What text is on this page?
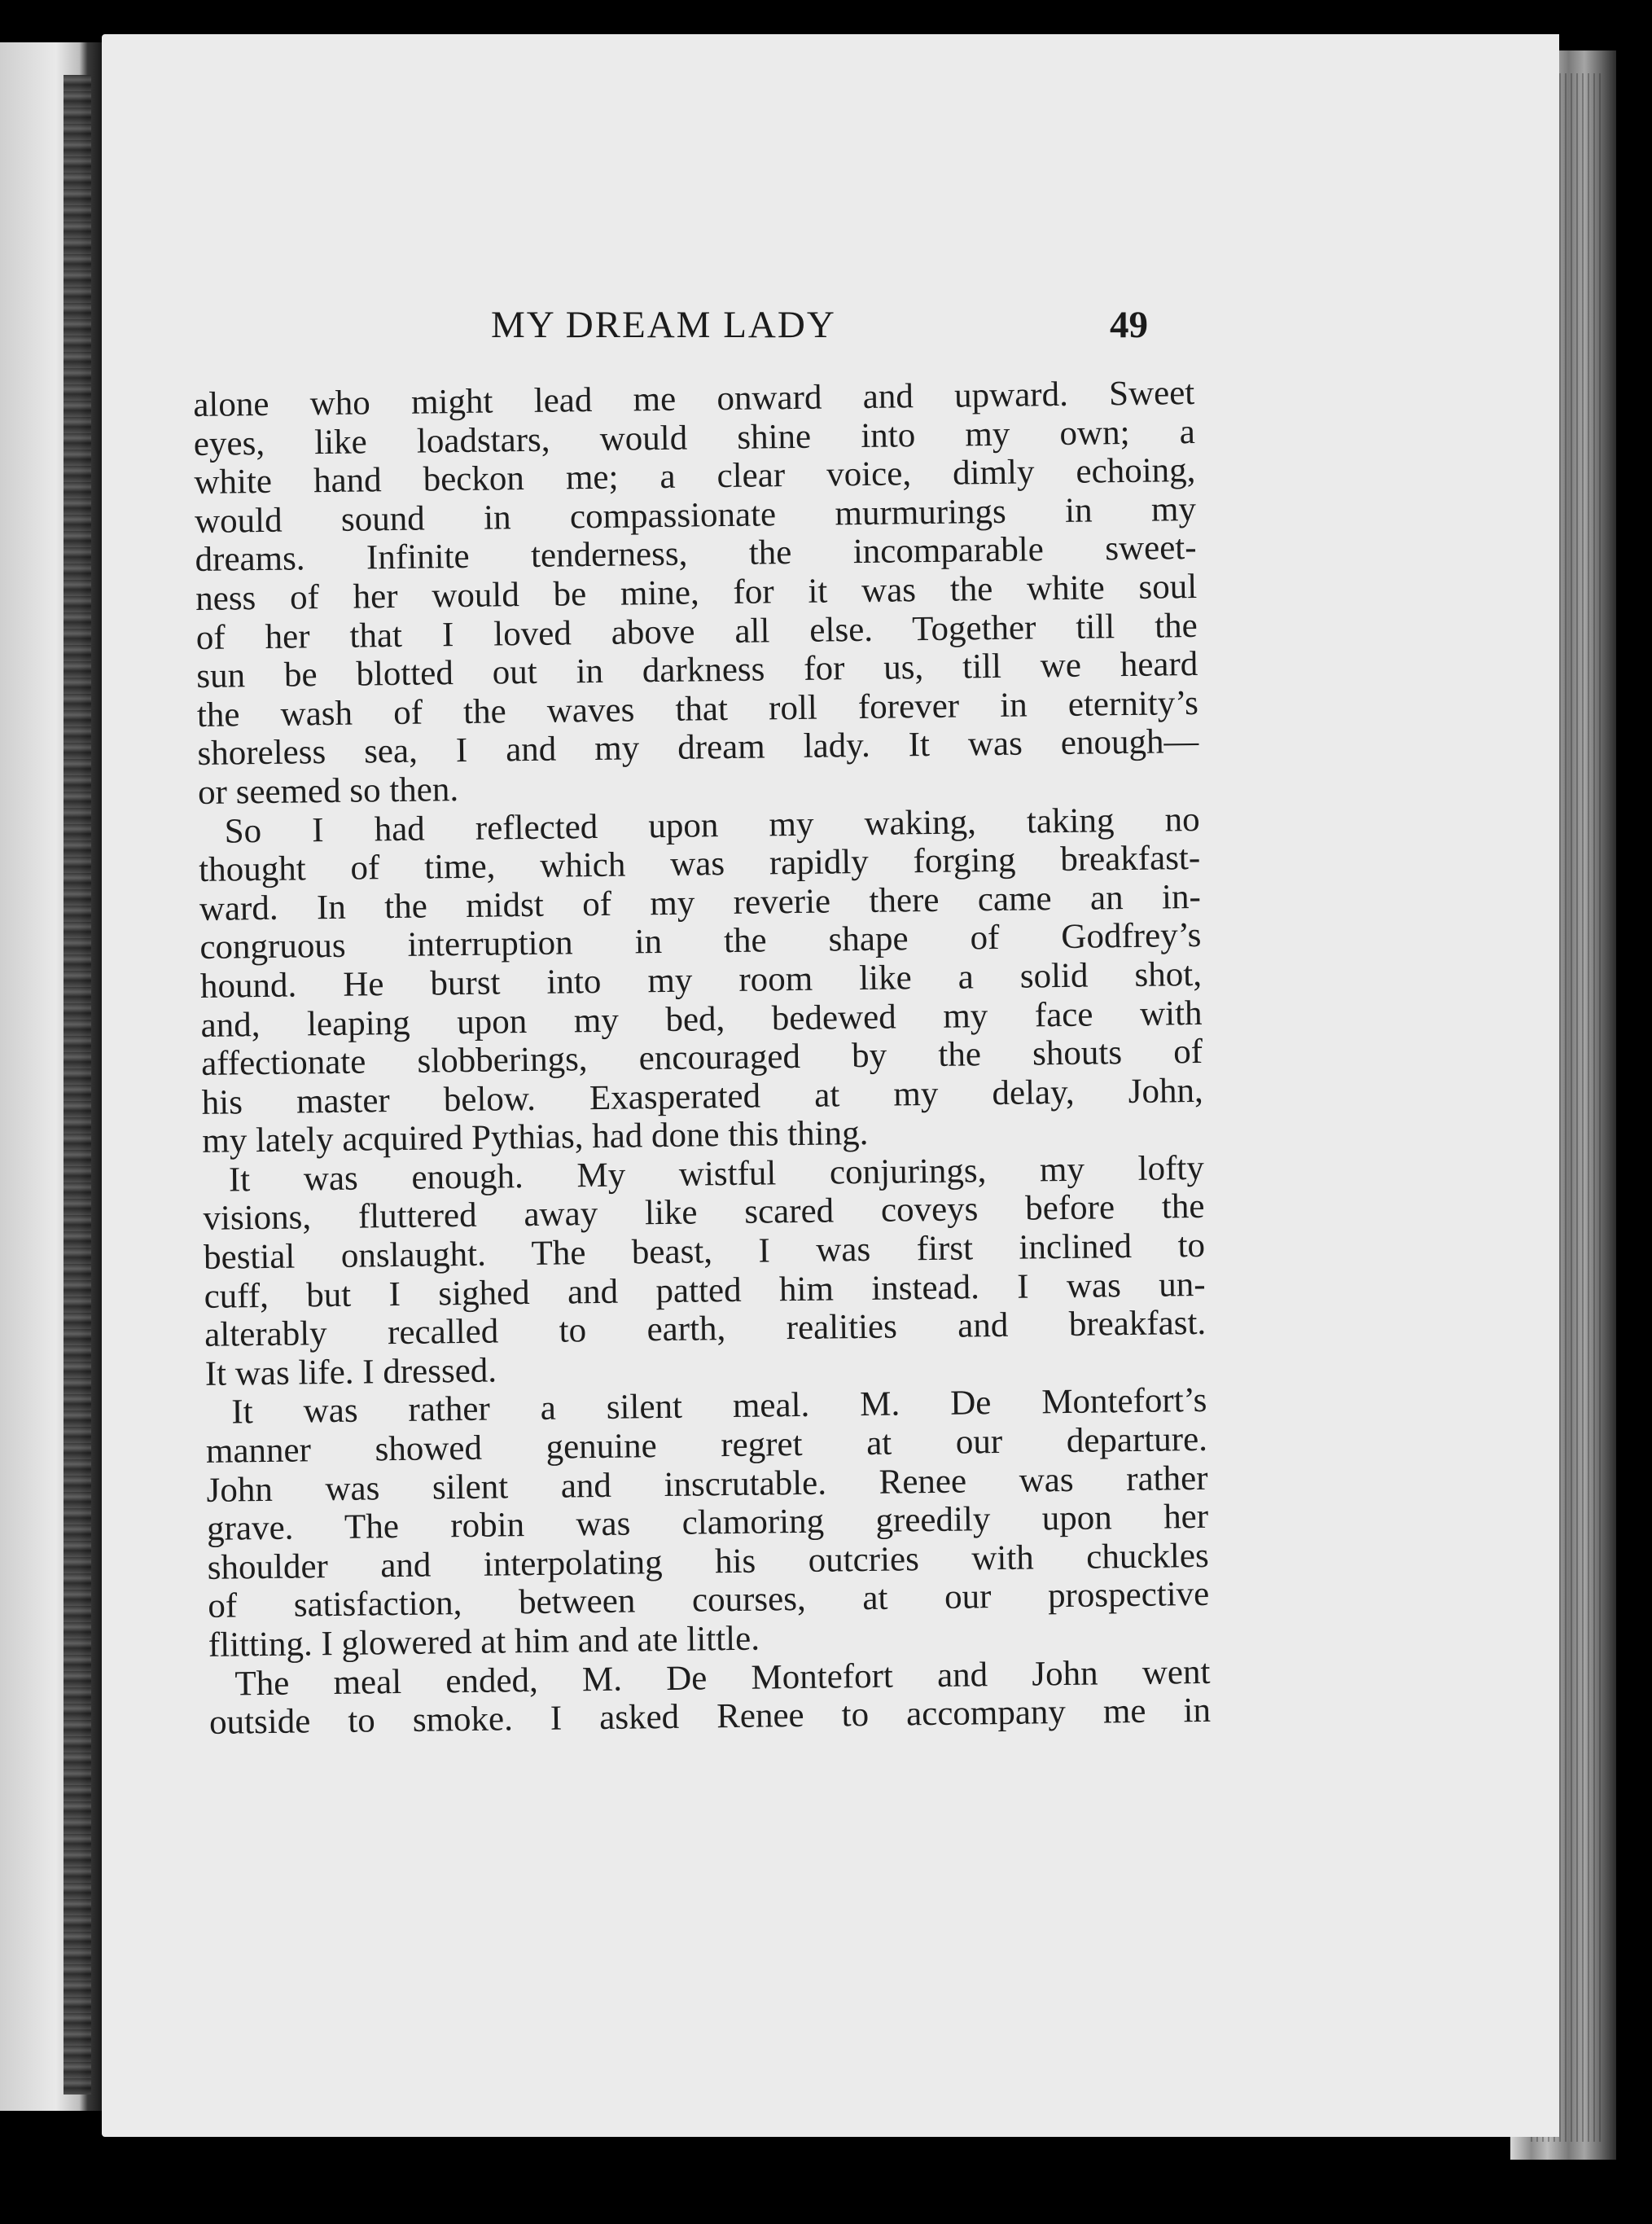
MY DREAM LADY	49
alone who might lead me onward and upward. Sweet
eyes, like loadstars, would shine into my own; a
white hand beckon me; a clear voice, dimly echoing,
would sound in compassionate murmurings in my
dreams. Infinite tenderness, the incomparable sweet-
ness of her would be mine, for it was the white soul
of her that I loved above all else. Together till the
sun be blotted out in darkness for us, till we heard
the wash of the waves that roll forever in eternity’s
shoreless sea, I and my dream lady. It was enough—
or seemed so then.
So I had reflected upon my waking, taking no
thought of time, which was rapidly forging breakfast-
ward. In the midst of my reverie there came an in-
congruous interruption in the shape of Godfrey’s
hound. He burst into my room like a solid shot,
and, leaping upon my bed, bedewed my face with
affectionate slobberings, encouraged by the shouts of
his master below. Exasperated at my delay, John,
my lately acquired Pythias, had done this thing.
It was enough. My wistful conjurings, my lofty
visions, fluttered away like scared coveys before the
bestial onslaught. The beast, I was first inclined to
cuff, but I sighed and patted him instead. I was un-
alterably recalled to earth, realities and breakfast.
It was life. I dressed.
It was rather a silent meal. M. De Montefort’s
manner showed genuine regret at our departure.
John was silent and inscrutable. Renee was rather
grave. The robin was clamoring greedily upon her
shoulder and interpolating his outcries with chuckles
of satisfaction, between courses, at our prospective
flitting. I glowered at him and ate little.
The meal ended, M. De Montefort and John went
outside to smoke. I asked Renee to accompany me in
